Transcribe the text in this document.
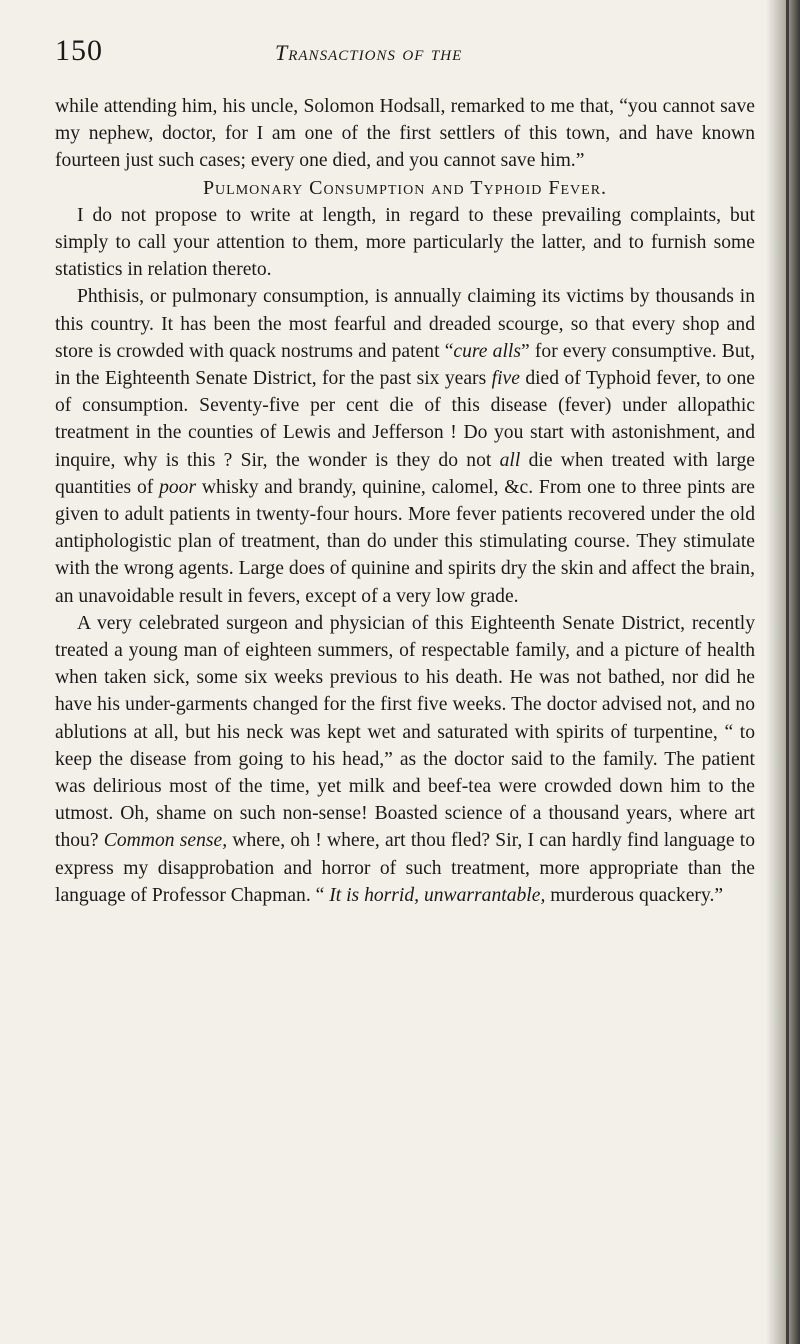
150	Transactions of the

while attending him, his uncle, Solomon Hodsall, remarked to me that, “you cannot save my nephew, doctor, for I am one of the first settlers of this town, and have known fourteen just such cases; every one died, and you cannot save him.”

Pulmonary Consumption and Typhoid Fever.

I do not propose to write at length, in regard to these prevailing complaints, but simply to call your attention to them, more particularly the latter, and to furnish some statistics in relation thereto.

Phthisis, or pulmonary consumption, is annually claiming its victims by thousands in this country. It has been the most fearful and dreaded scourge, so that every shop and store is crowded with quack nostrums and patent “cure alls” for every consumptive. But, in the Eighteenth Senate District, for the past six years five died of Typhoid fever, to one of consumption. Seventy-five per cent die of this disease (fever) under allopathic treatment in the counties of Lewis and Jefferson ! Do you start with astonishment, and inquire, why is this ? Sir, the wonder is they do not all die when treated with large quantities of poor whisky and brandy, quinine, calomel, &c. From one to three pints are given to adult patients in twenty-four hours. More fever patients recovered under the old antiphologistic plan of treatment, than do under this stimulating course. They stimulate with the wrong agents. Large does of quinine and spirits dry the skin and affect the brain, an unavoidable result in fevers, except of a very low grade.

A very celebrated surgeon and physician of this Eighteenth Senate District, recently treated a young man of eighteen summers, of respectable family, and a picture of health when taken sick, some six weeks previous to his death. He was not bathed, nor did he have his under-garments changed for the first five weeks. The doctor advised not, and no ablutions at all, but his neck was kept wet and saturated with spirits of turpentine, “ to keep the disease from going to his head,” as the doctor said to the family. The patient was delirious most of the time, yet milk and beef-tea were crowded down him to the utmost. Oh, shame on such non-sense! Boasted science of a thousand years, where art thou? Common sense, where, oh ! where, art thou fled? Sir, I can hardly find language to express my disapprobation and horror of such treatment, more appropriate than the language of Professor Chapman. “ It is horrid, unwarrantable, murderous quackery.”
